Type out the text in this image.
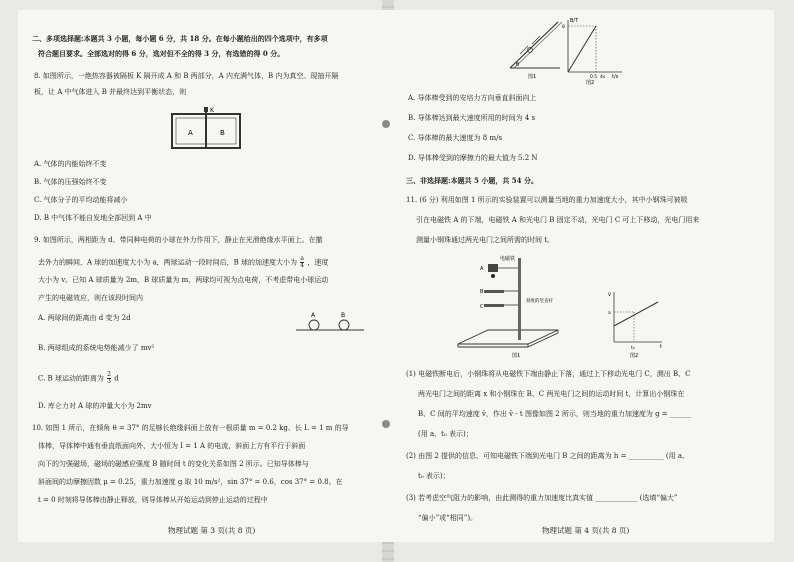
二、多项选择题:本题共 3 小题，每小题 6 分，共 18 分。在每小题给出的四个选项中，有多项
符合题目要求。全部选对的得 6 分，选对但不全的得 3 分，有选错的得 0 分。
8. 如图所示，一绝热容器被隔板 K 隔开成 A 和 B 两部分，A 内充满气体，B 内为真空。现抽开隔
板，让 A 中气体进入 B 并最终达到平衡状态，则
A	B
K
A. 气体的内能始终不变
B. 气体的压强始终不变
C. 气体分子的平均动能将减小
D. B 中气体不能自发地全部回到 A 中
9. 如图所示，两相距为 d、带同种电荷的小球在外力作用下，静止在光滑绝缘水平面上。在撤
去外力的瞬间，A 球的加速度大小为 a，两球运动一段时间后，B 球的加速度大小为 $\frac{a}{4}$ ，速度
大小为 v。已知 A 球质量为 2m，B 球质量为 m，两球均可视为点电荷，不考虑带电小球运动
产生的电磁效应，则在该段时间内
A. 两球间的距离由 d 变为 2d	A	B
B. 两球组成的系统电势能减少了 mv²
C. B 球运动的距离为 $\frac{2}{3}$ d
D. 库仑力对 A 球的冲量大小为 2mv
10. 如图 1 所示，在倾角 θ = 37° 的足够长绝缘斜面上放有一根质量 m = 0.2 kg、长 L = 1 m 的导
体棒，导体棒中通有垂直纸面向外、大小恒为 I = 1 A 的电流，斜面上方有平行于斜面
向下的匀强磁场，磁场的磁感应强度 B 随时间 t 的变化关系如图 2 所示。已知导体棒与
斜面间的动摩擦因数 μ = 0.25，重力加速度 g 取 10 m/s²，sin 37° = 0.6，cos 37° = 0.8。在
t = 0 时刻将导体棒由静止释放，则导体棒从开始运动到停止运动的过程中
物理试题 第 3 页(共 8 页)
θ
图1
B/T
t/s
8
0.5 4s
图2
A. 导体棒受到的安培力方向垂直斜面向上
B. 导体棒达到最大速度所用的时间为 4 s
C. 导体棒的最大速度为 8 m/s
D. 导体棒受到的摩擦力的最大值为 5.2 N
三、非选择题:本题共 5 小题，共 54 分。
11. (6 分) 利用如图 1 所示的实验装置可以测量当地的重力加速度大小，其中小钢珠可被吸
引在电磁铁 A 的下端，电磁铁 A 和光电门 B 固定不动，光电门 C 可上下移动，光电门用来
测量小钢珠通过两光电门之间所需的时间 t。
电磁铁
刻度的竖直杆
A
B
C
图1
v̄
t
a
t₀
图2
(1) 电磁铁断电后，小钢珠将从电磁铁下端由静止下落，通过上下移动光电门 C，测出 B、C
两光电门之间的距离 x 和小钢珠在 B、C 两光电门之间的运动时间 t，计算出小钢珠在
B、C 间的平均速度 v̄，作出 v̄ - t 图像如图 2 所示，则当地的重力加速度为 g = ______
(用 a、t₀ 表示)；
(2) 由图 2 提供的信息，可知电磁铁下端到光电门 B 之间的距离为 h = __________ (用 a、
t₀ 表示)；
(3) 若考虑空气阻力的影响，由此测得的重力加速度比真实值 ____________ (选填“偏大”
“偏小”或“相同”)。
物理试题 第 4 页(共 8 页)
